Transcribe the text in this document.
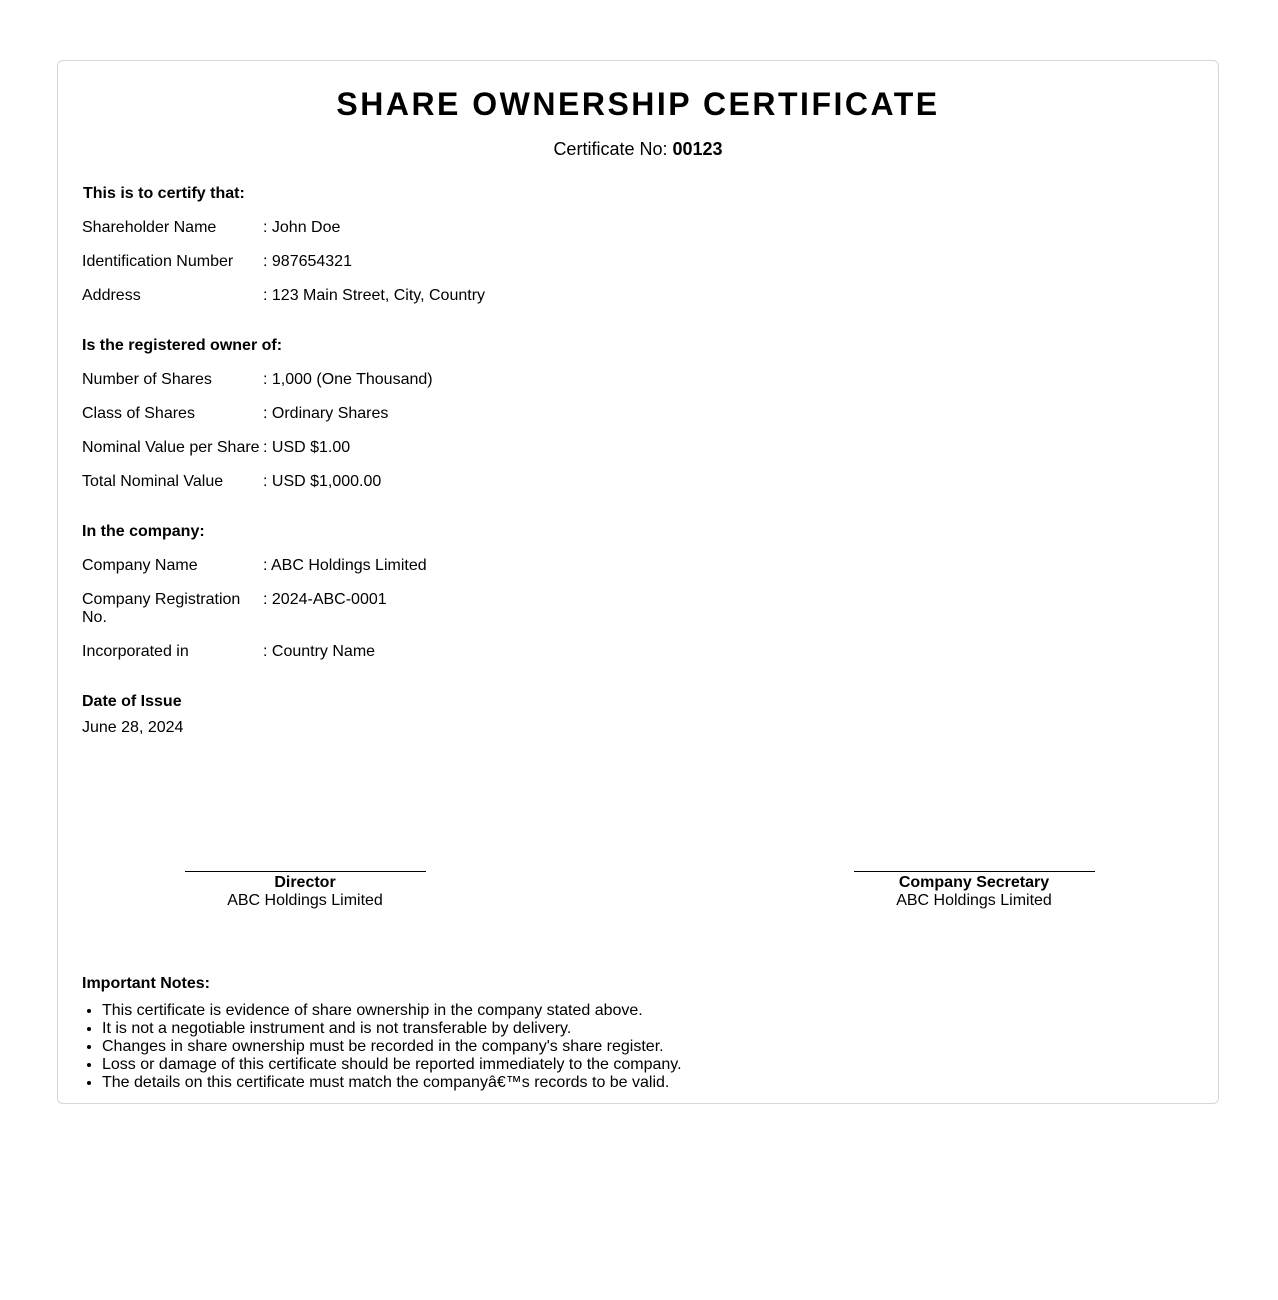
SHARE OWNERSHIP CERTIFICATE
Certificate No: 00123
This is to certify that:
Shareholder Name	: John Doe
Identification Number	: 987654321
Address	: 123 Main Street, City, Country
Is the registered owner of:
Number of Shares	: 1,000 (One Thousand)
Class of Shares	: Ordinary Shares
Nominal Value per Share : USD $1.00
Total Nominal Value	: USD $1,000.00
In the company:
Company Name	: ABC Holdings Limited
Company Registration No.
: 2024-ABC-0001
Incorporated in	: Country Name
Date of Issue
June 28, 2024
Director
ABC Holdings Limited
Company Secretary
ABC Holdings Limited
Important Notes:
• This certificate is evidence of share ownership in the company stated above.
• It is not a negotiable instrument and is not transferable by delivery.
• Changes in share ownership must be recorded in the company's share register.
• Loss or damage of this certificate should be reported immediately to the company.
• The details on this certificate must match the companyâ€™s records to be valid.
